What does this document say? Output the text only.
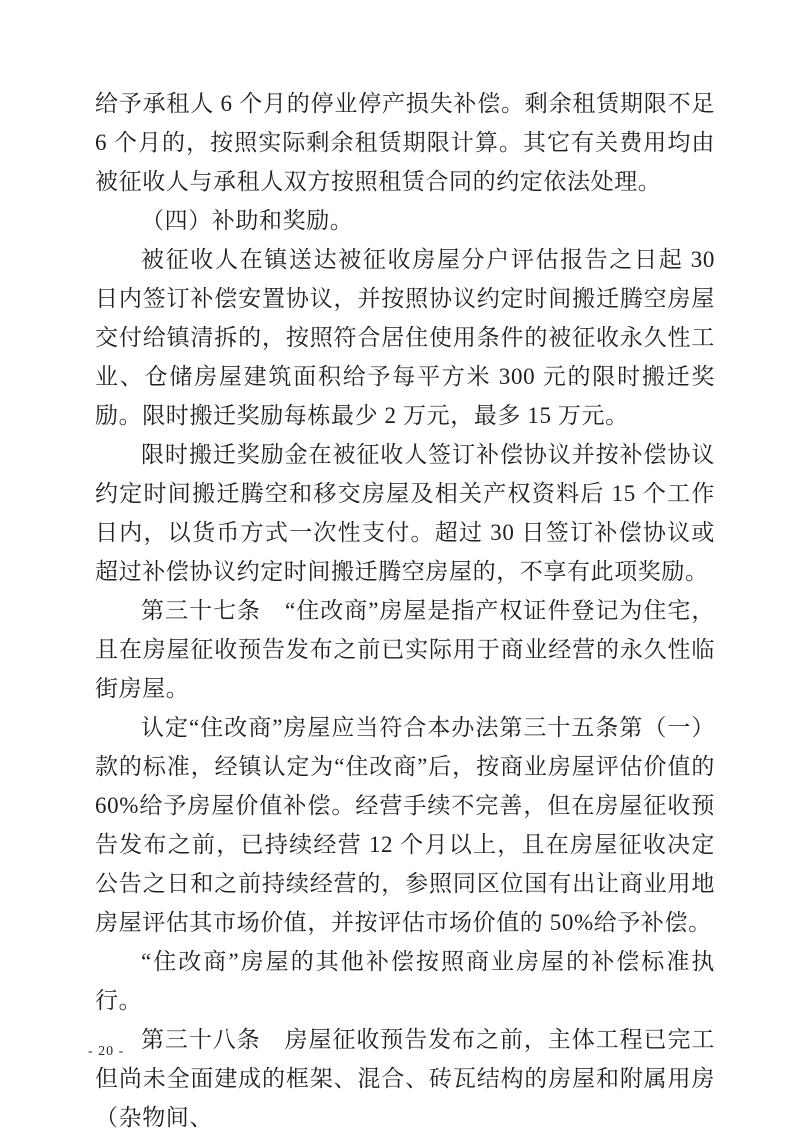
给予承租人 6 个月的停业停产损失补偿。剩余租赁期限不足 6 个月的，按照实际剩余租赁期限计算。其它有关费用均由被征收人与承租人双方按照租赁合同的约定依法处理。

（四）补助和奖励。

被征收人在镇送达被征收房屋分户评估报告之日起 30 日内签订补偿安置协议，并按照协议约定时间搬迁腾空房屋交付给镇清拆的，按照符合居住使用条件的被征收永久性工业、仓储房屋建筑面积给予每平方米 300 元的限时搬迁奖励。限时搬迁奖励每栋最少 2 万元，最多 15 万元。

限时搬迁奖励金在被征收人签订补偿协议并按补偿协议约定时间搬迁腾空和移交房屋及相关产权资料后 15 个工作日内，以货币方式一次性支付。超过 30 日签订补偿协议或超过补偿协议约定时间搬迁腾空房屋的，不享有此项奖励。

第三十七条　“住改商”房屋是指产权证件登记为住宅，且在房屋征收预告发布之前已实际用于商业经营的永久性临街房屋。

认定“住改商”房屋应当符合本办法第三十五条第（一）款的标准，经镇认定为“住改商”后，按商业房屋评估价值的 60%给予房屋价值补偿。经营手续不完善，但在房屋征收预告发布之前，已持续经营 12 个月以上，且在房屋征收决定公告之日和之前持续经营的，参照同区位国有出让商业用地房屋评估其市场价值，并按评估市场价值的 50%给予补偿。

“住改商”房屋的其他补偿按照商业房屋的补偿标准执行。

第三十八条　房屋征收预告发布之前，主体工程已完工但尚未全面建成的框架、混合、砖瓦结构的房屋和附属用房（杂物间、

- 20 -
